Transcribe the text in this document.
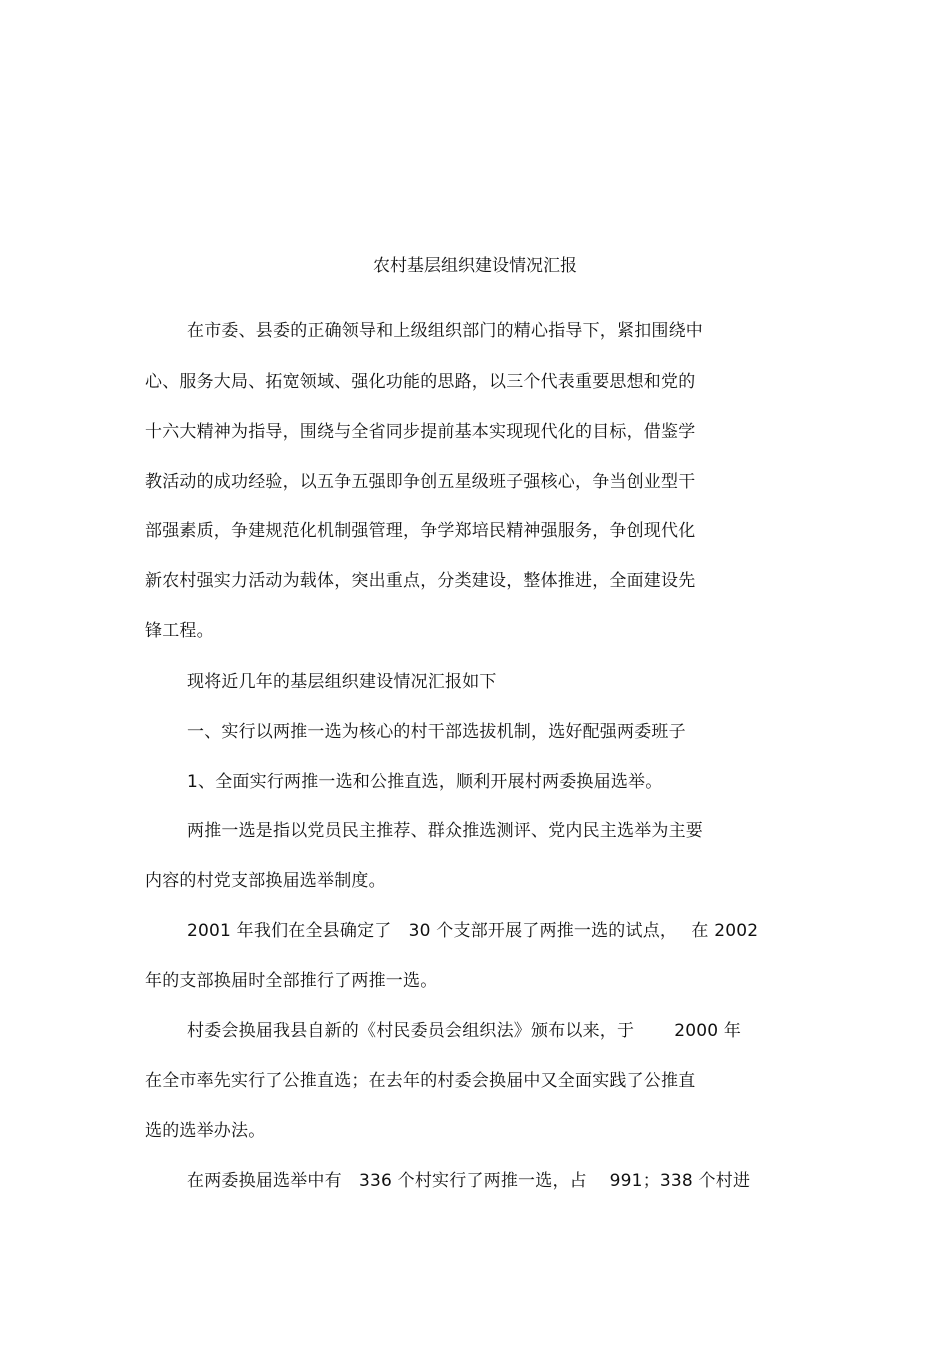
农村基层组织建设情况汇报
在市委、县委的正确领导和上级组织部门的精心指导下，紧扣围绕中
心、服务大局、拓宽领域、强化功能的思路，以三个代表重要思想和党的
十六大精神为指导，围绕与全省同步提前基本实现现代化的目标，借鉴学
教活动的成功经验，以五争五强即争创五星级班子强核心，争当创业型干
部强素质，争建规范化机制强管理，争学郑培民精神强服务，争创现代化
新农村强实力活动为载体，突出重点，分类建设，整体推进，全面建设先
锋工程。
现将近几年的基层组织建设情况汇报如下
一、实行以两推一选为核心的村干部选拔机制，选好配强两委班子
1、全面实行两推一选和公推直选，顺利开展村两委换届选举。
两推一选是指以党员民主推荐、群众推选测评、党内民主选举为主要
内容的村党支部换届选举制度。
2001 年我们在全县确定了　30 个支部开展了两推一选的试点，　 在 2002
年的支部换届时全部推行了两推一选。
村委会换届我县自新的《村民委员会组织法》颁布以来，于　　 2000 年
在全市率先实行了公推直选；在去年的村委会换届中又全面实践了公推直
选的选举办法。
在两委换届选举中有　336 个村实行了两推一选，占　 991；338 个村进
